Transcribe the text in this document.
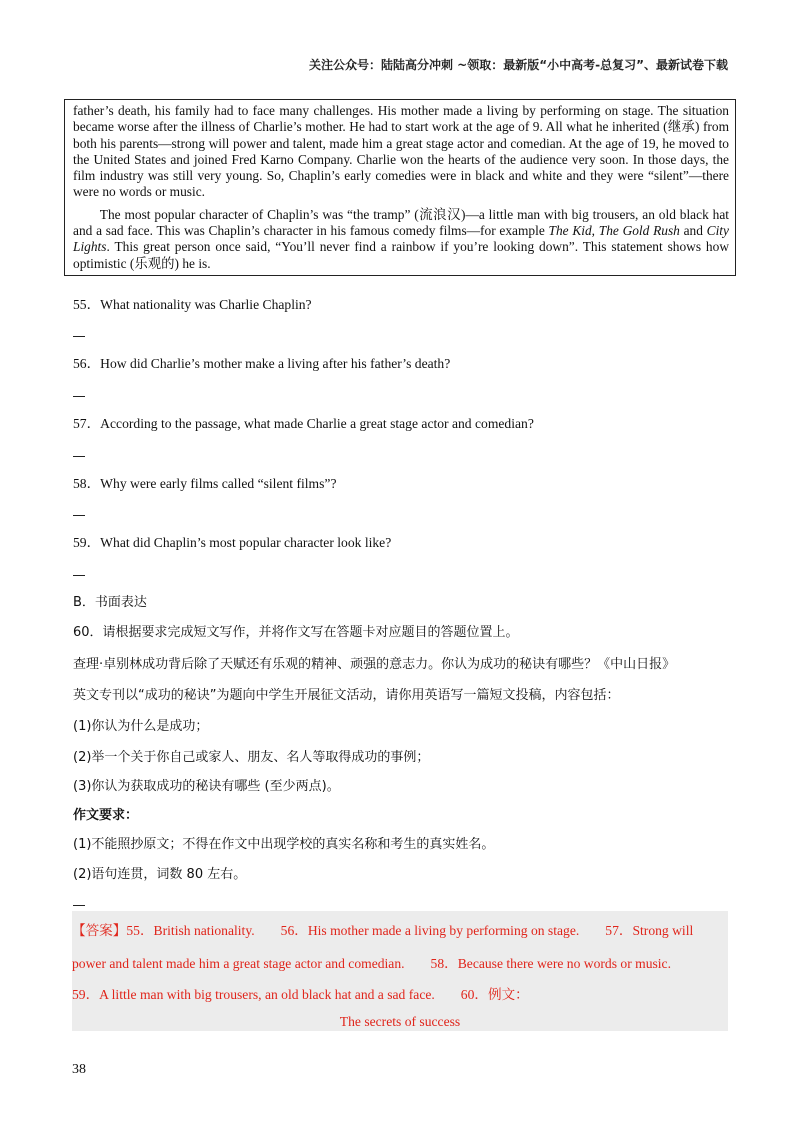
关注公众号：陆陆高分冲刺 ~领取：最新版“小中高考-总复习”、最新试卷下载

father’s death, his family had to face many challenges. His mother made a living by performing on stage. The situation became worse after the illness of Charlie’s mother. He had to start work at the age of 9. All what he inherited (继承) from both his parents—strong will power and talent, made him a great stage actor and comedian. At the age of 19, he moved to the United States and joined Fred Karno Company. Charlie won the hearts of the audience very soon. In those days, the film industry was still very young. So, Chaplin’s early comedies were in black and white and they were “silent”—there were no words or music.

The most popular character of Chaplin’s was “the tramp” (流浪汉)—a little man with big trousers, an old black hat and a sad face. This was Chaplin’s character in his famous comedy films—for example The Kid, The Gold Rush and City Lights. This great person once said, “You’ll never find a rainbow if you’re looking down”. This statement shows how optimistic (乐观的) he is.

55．What nationality was Charlie Chaplin?
56．How did Charlie’s mother make a living after his father’s death?
57．According to the passage, what made Charlie a great stage actor and comedian?
58．Why were early films called “silent films”?
59．What did Chaplin’s most popular character look like?
B．书面表达
60．请根据要求完成短文写作，并将作文写在答题卡对应题目的答题位置上。
查理·卓别林成功背后除了天赋还有乐观的精神、顽强的意志力。你认为成功的秘诀有哪些？《中山日报》
英文专刊以“成功的秘诀”为题向中学生开展征文活动，请你用英语写一篇短文投稿，内容包括：
(1)你认为什么是成功；
(2)举一个关于你自己或家人、朋友、名人等取得成功的事例；
(3)你认为获取成功的秘诀有哪些 (至少两点)。
作文要求：
(1)不能照抄原文；不得在作文中出现学校的真实名称和考生的真实姓名。
(2)语句连贯，词数 80 左右。
【答案】55．British nationality. 56．His mother made a living by performing on stage. 57．Strong will
power and talent made him a great stage actor and comedian. 58．Because there were no words or music.
59．A little man with big trousers, an old black hat and a sad face. 60．例文：
The secrets of success
38
